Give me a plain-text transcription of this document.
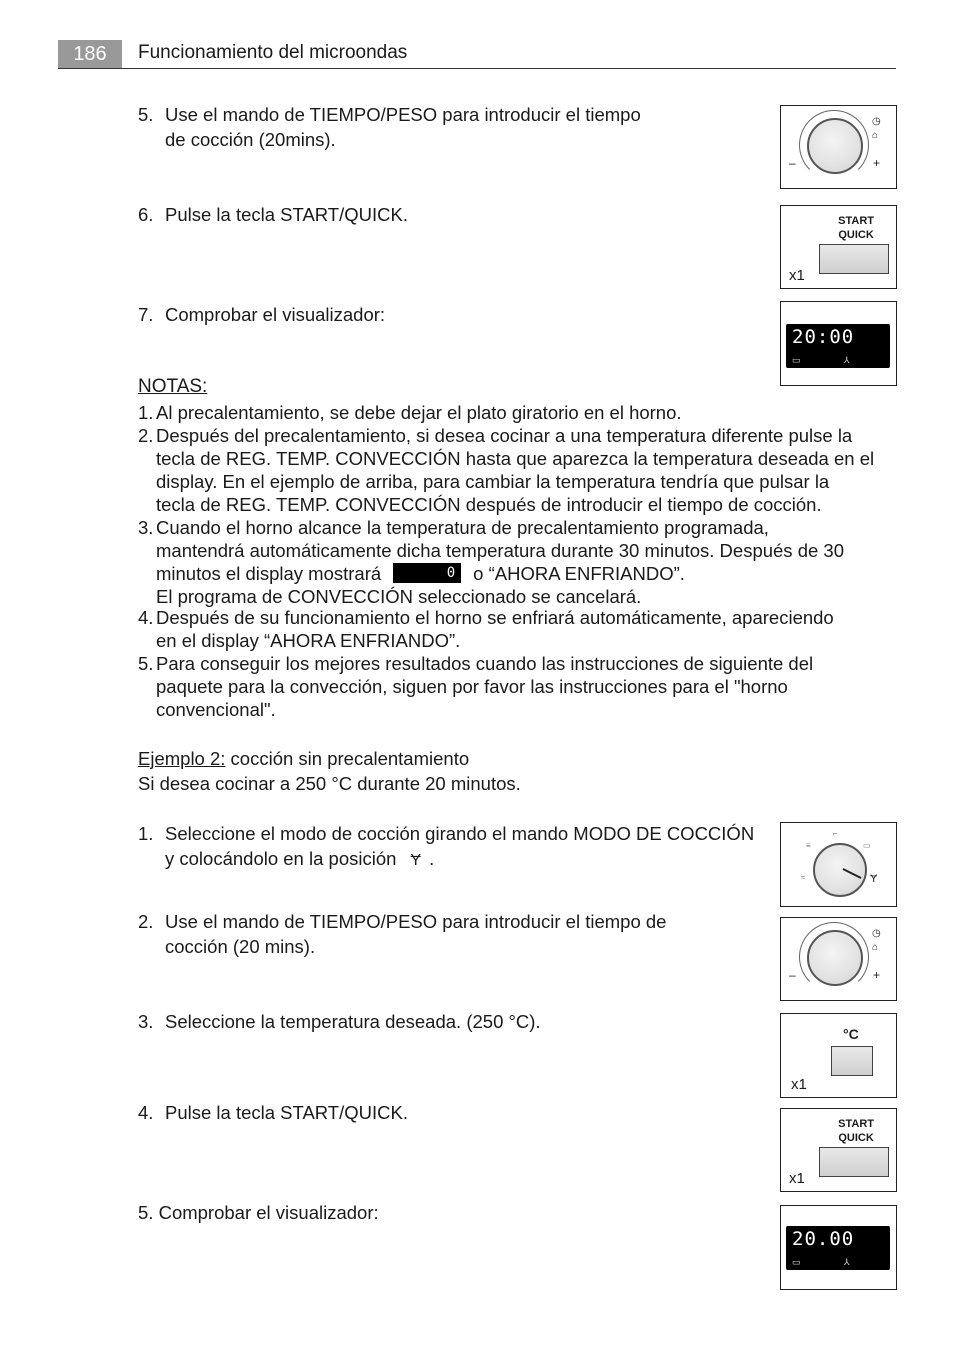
186	Funcionamiento del microondas
5. Use el mando de TIEMPO/PESO para introducir el tiempo
de cocción (20mins).
6. Pulse la tecla START/QUICK.
7. Comprobar el visualizador:
–	+
◷
⌂
START
QUICK
x1
20:00
▭	⅄
NOTAS:
1. Al precalentamiento, se debe dejar el plato giratorio en el horno.
2. Después del precalentamiento, si desea cocinar a una temperatura diferente pulse la
tecla de REG. TEMP. CONVECCIÓN hasta que aparezca la temperatura deseada en el
display. En el ejemplo de arriba, para cambiar la temperatura tendría que pulsar la
tecla de REG. TEMP. CONVECCIÓN después de introducir el tiempo de cocción.
3. Cuando el horno alcance la temperatura de precalentamiento programada,
mantendrá automáticamente dicha temperatura durante 30 minutos. Después de 30
minutos el display mostrará	0 o “AHORA ENFRIANDO”.
El programa de CONVECCIÓN seleccionado se cancelará.
4. Después de su funcionamiento el horno se enfriará automáticamente, apareciendo
en el display “AHORA ENFRIANDO”.
5. Para conseguir los mejores resultados cuando las instrucciones de siguiente del
paquete para la convección, siguen por favor las instrucciones para el "horno
convencional".
Ejemplo 2: cocción sin precalentamiento
Si desea cocinar a 250 °C durante 20 minutos.
1. Seleccione el modo de cocción girando el mando MODO DE COCCIÓN
y colocándolo en la posición Ɏ .
2. Use el mando de TIEMPO/PESO para introducir el tiempo de
cocción (20 mins).
3. Seleccione la temperatura deseada. (250 °C).
4. Pulse la tecla START/QUICK.
5. Comprobar el visualizador:
≡
⌐
▭
≈	Ɏ
–	+
◷
⌂
°C
x1
START
QUICK
x1
20.00
▭	⅄
